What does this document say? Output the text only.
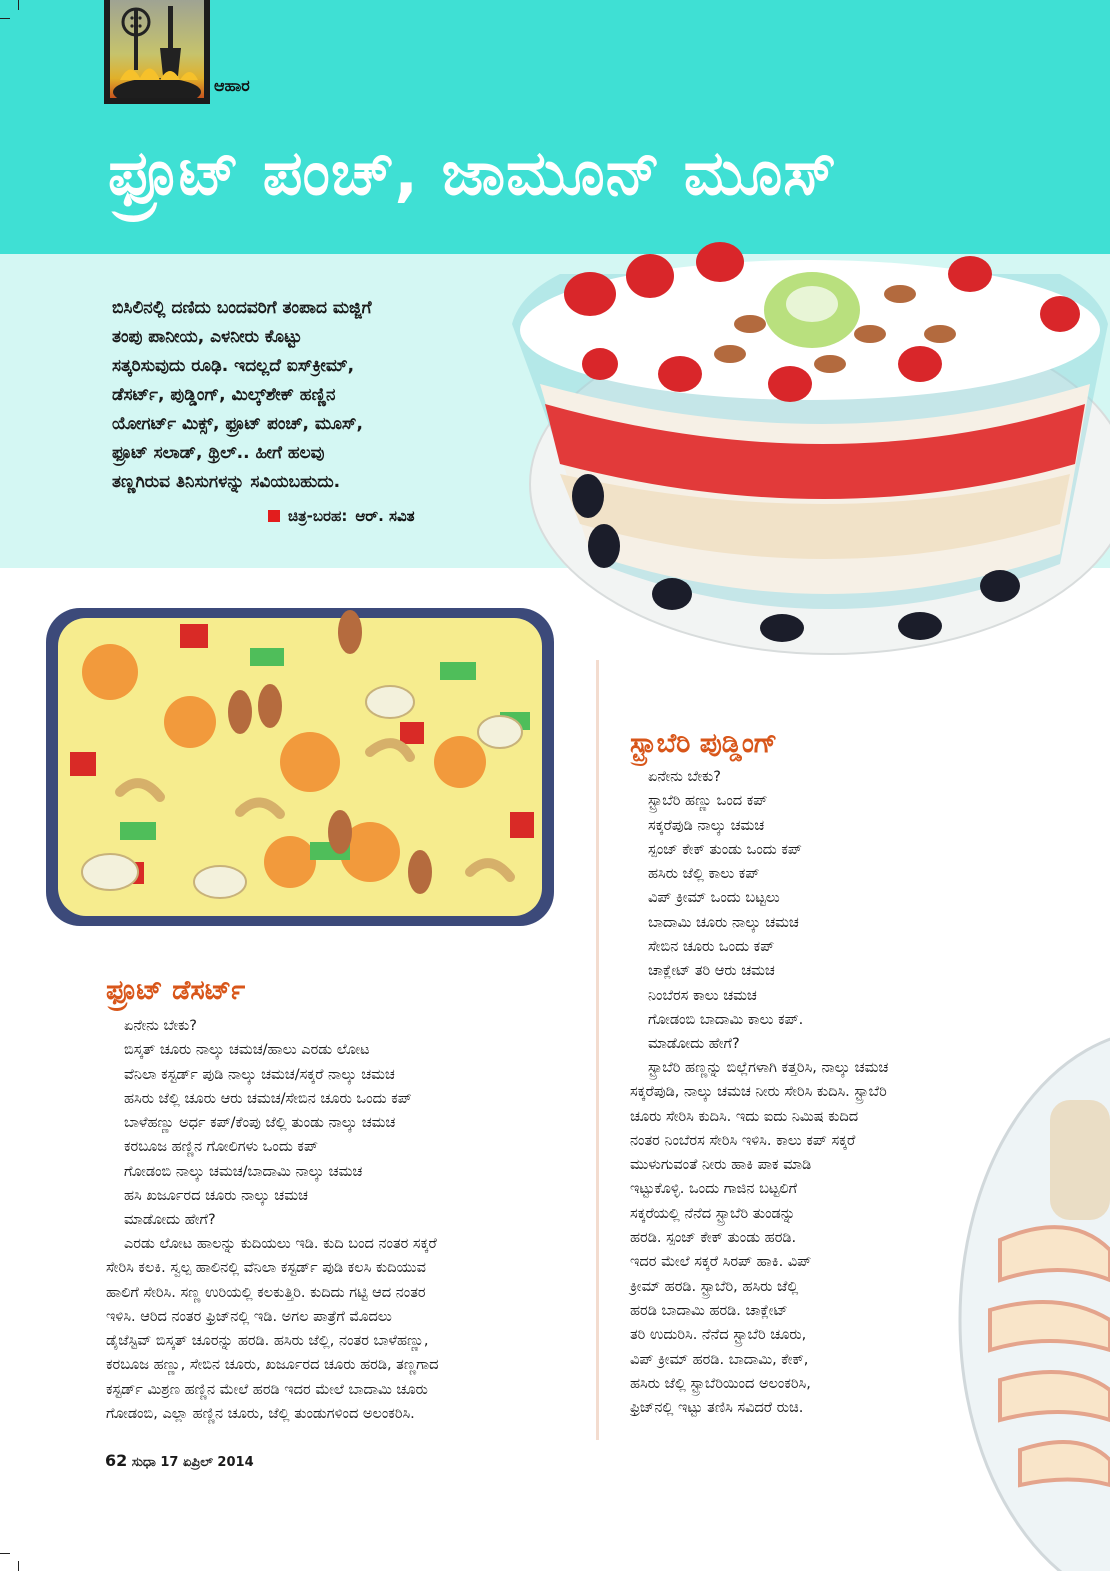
ಆಹಾರ
ಫ್ರೂಟ್ ಪಂಚ್, ಜಾಮೂನ್ ಮೂಸ್
ಬಿಸಿಲಿನಲ್ಲಿ ದಣಿದು ಬಂದವರಿಗೆ ತಂಪಾದ ಮಜ್ಜಿಗೆ
ತಂಪು ಪಾನೀಯ, ಎಳನೀರು ಕೊಟ್ಟು
ಸತ್ಕರಿಸುವುದು ರೂಢಿ. ಇದಲ್ಲದೆ ಐಸ್‌ಕ್ರೀಮ್,
ಡೆಸರ್ಟ್, ಪುಡ್ಡಿಂಗ್, ಮಿಲ್ಕ್‌ಶೇಕ್ ಹಣ್ಣಿನ
ಯೋಗರ್ಟ್ ಮಿಕ್ಸ್, ಫ್ರೂಟ್ ಪಂಚ್, ಮೂಸ್,
ಫ್ರೂಟ್ ಸಲಾಡ್, ಥ್ರಿಲ್.. ಹೀಗೆ ಹಲವು
ತಣ್ಣಗಿರುವ ತಿನಿಸುಗಳನ್ನು ಸವಿಯಬಹುದು.
ಚಿತ್ರ-ಬರಹ: ಆರ್. ಸವಿತ
ಫ್ರೂಟ್ ಡೆಸರ್ಟ್
ಏನೇನು ಬೇಕು?
ಬಿಸ್ಕತ್ ಚೂರು ನಾಲ್ಕು ಚಮಚ/ಹಾಲು ಎರಡು ಲೋಟ
ವೆನಿಲಾ ಕಸ್ಟರ್ಡ್ ಪುಡಿ ನಾಲ್ಕು ಚಮಚ/ಸಕ್ಕರೆ ನಾಲ್ಕು ಚಮಚ
ಹಸಿರು ಜೆಲ್ಲಿ ಚೂರು ಆರು ಚಮಚ/ಸೇಬಿನ ಚೂರು ಒಂದು ಕಪ್
ಬಾಳೆಹಣ್ಣು ಅರ್ಧ ಕಪ್/ಕೆಂಪು ಜೆಲ್ಲಿ ತುಂಡು ನಾಲ್ಕು ಚಮಚ
ಕರಬೂಜ ಹಣ್ಣಿನ ಗೋಲಿಗಳು ಒಂದು ಕಪ್
ಗೋಡಂಬಿ ನಾಲ್ಕು ಚಮಚ/ಬಾದಾಮಿ ನಾಲ್ಕು ಚಮಚ
ಹಸಿ ಖರ್ಜೂರದ ಚೂರು ನಾಲ್ಕು ಚಮಚ
ಮಾಡೋದು ಹೇಗೆ?
ಎರಡು ಲೋಟ ಹಾಲನ್ನು ಕುದಿಯಲು ಇಡಿ. ಕುದಿ ಬಂದ ನಂತರ ಸಕ್ಕರೆ
ಸೇರಿಸಿ ಕಲಕಿ. ಸ್ವಲ್ಪ ಹಾಲಿನಲ್ಲಿ ವೆನಿಲಾ ಕಸ್ಟರ್ಡ್ ಪುಡಿ ಕಲಸಿ ಕುದಿಯುವ
ಹಾಲಿಗೆ ಸೇರಿಸಿ. ಸಣ್ಣ ಉರಿಯಲ್ಲಿ ಕಲಕುತ್ತಿರಿ. ಕುದಿದು ಗಟ್ಟಿ ಆದ ನಂತರ
ಇಳಿಸಿ. ಆರಿದ ನಂತರ ಫ್ರಿಜ್‌ನಲ್ಲಿ ಇಡಿ. ಅಗಲ ಪಾತ್ರೆಗೆ ಮೊದಲು
ಡೈಜೆಸ್ಟಿವ್ ಬಿಸ್ಕತ್ ಚೂರನ್ನು ಹರಡಿ. ಹಸಿರು ಜೆಲ್ಲಿ, ನಂತರ ಬಾಳೆಹಣ್ಣು,
ಕರಬೂಜ ಹಣ್ಣು, ಸೇಬಿನ ಚೂರು, ಖರ್ಜೂರದ ಚೂರು ಹರಡಿ, ತಣ್ಣಗಾದ
ಕಸ್ಟರ್ಡ್ ಮಿಶ್ರಣ ಹಣ್ಣಿನ ಮೇಲೆ ಹರಡಿ ಇದರ ಮೇಲೆ ಬಾದಾಮಿ ಚೂರು
ಗೋಡಂಬಿ, ಎಲ್ಲಾ ಹಣ್ಣಿನ ಚೂರು, ಜೆಲ್ಲಿ ತುಂಡುಗಳಿಂದ ಅಲಂಕರಿಸಿ.
ಸ್ಟ್ರಾಬೆರಿ ಪುಡ್ಡಿಂಗ್
ಏನೇನು ಬೇಕು?
ಸ್ಟ್ರಾಬೆರಿ ಹಣ್ಣು ಒಂದ ಕಪ್
ಸಕ್ಕರೆಪುಡಿ ನಾಲ್ಕು ಚಮಚ
ಸ್ಪಂಜ್ ಕೇಕ್ ತುಂಡು ಒಂದು ಕಪ್
ಹಸಿರು ಜೆಲ್ಲಿ ಕಾಲು ಕಪ್
ವಿಪ್ ಕ್ರೀಮ್ ಒಂದು ಬಟ್ಟಲು
ಬಾದಾಮಿ ಚೂರು ನಾಲ್ಕು ಚಮಚ
ಸೇಬಿನ ಚೂರು ಒಂದು ಕಪ್
ಚಾಕ್ಲೇಟ್ ತರಿ ಆರು ಚಮಚ
ನಿಂಬೆರಸ ಕಾಲು ಚಮಚ
ಗೋಡಂಬಿ ಬಾದಾಮಿ ಕಾಲು ಕಪ್.
ಮಾಡೋದು ಹೇಗೆ?
ಸ್ಟ್ರಾಬೆರಿ ಹಣ್ಣನ್ನು ಬಿಲ್ಲೆಗಳಾಗಿ ಕತ್ತರಿಸಿ, ನಾಲ್ಕು ಚಮಚ
ಸಕ್ಕರೆಪುಡಿ, ನಾಲ್ಕು ಚಮಚ ನೀರು ಸೇರಿಸಿ ಕುದಿಸಿ. ಸ್ಟ್ರಾಬೆರಿ
ಚೂರು ಸೇರಿಸಿ ಕುದಿಸಿ. ಇದು ಐದು ನಿಮಿಷ ಕುದಿದ
ನಂತರ ನಿಂಬೆರಸ ಸೇರಿಸಿ ಇಳಿಸಿ. ಕಾಲು ಕಪ್ ಸಕ್ಕರೆ
ಮುಳುಗುವಂತೆ ನೀರು ಹಾಕಿ ಪಾಕ ಮಾಡಿ
ಇಟ್ಟುಕೊಳ್ಳಿ. ಒಂದು ಗಾಜಿನ ಬಟ್ಟಲಿಗೆ
ಸಕ್ಕರೆಯಲ್ಲಿ ನೆನೆದ ಸ್ಟ್ರಾಬೆರಿ ತುಂಡನ್ನು
ಹರಡಿ. ಸ್ಪಂಜ್ ಕೇಕ್ ತುಂಡು ಹರಡಿ.
ಇದರ ಮೇಲೆ ಸಕ್ಕರೆ ಸಿರಪ್ ಹಾಕಿ. ವಿಪ್
ಕ್ರೀಮ್ ಹರಡಿ. ಸ್ಟ್ರಾಬೆರಿ, ಹಸಿರು ಜೆಲ್ಲಿ
ಹರಡಿ ಬಾದಾಮಿ ಹರಡಿ. ಚಾಕ್ಲೇಟ್
ತರಿ ಉದುರಿಸಿ. ನೆನೆದ ಸ್ಟ್ರಾಬೆರಿ ಚೂರು,
ವಿಪ್ ಕ್ರೀಮ್ ಹರಡಿ. ಬಾದಾಮಿ, ಕೇಕ್,
ಹಸಿರು ಜೆಲ್ಲಿ ಸ್ಟ್ರಾಬೆರಿಯಿಂದ ಅಲಂಕರಿಸಿ,
ಫ್ರಿಜ್‌ನಲ್ಲಿ ಇಟ್ಟು ತಣಿಸಿ ಸವಿದರೆ ರುಚಿ.
62 ಸುಧಾ 17 ಏಪ್ರಿಲ್ 2014
